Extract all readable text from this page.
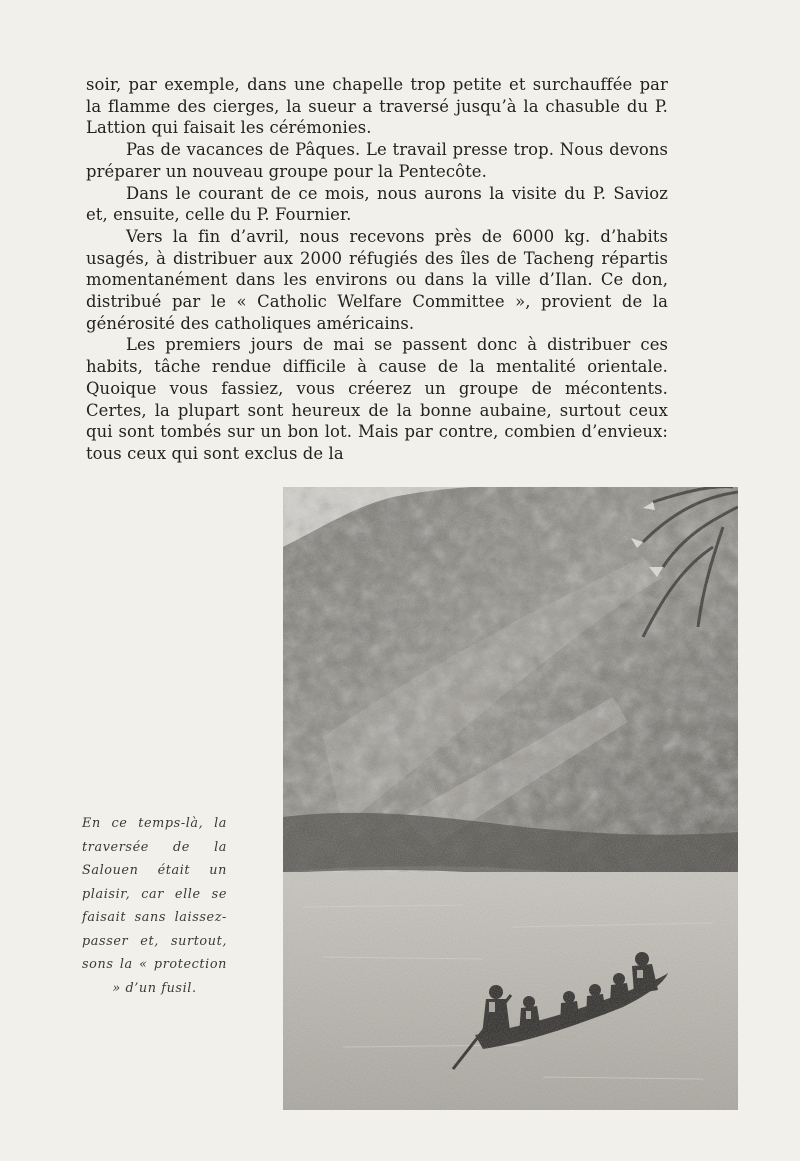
soir, par exemple, dans une chapelle trop petite et surchauffée par la flamme des cierges, la sueur a traversé jusqu’à la chasuble du P. Lattion qui faisait les cérémonies.

Pas de vacances de Pâques. Le travail presse trop. Nous devons préparer un nouveau groupe pour la Pentecôte.

Dans le courant de ce mois, nous aurons la visite du P. Savioz et, ensuite, celle du P. Fournier.

Vers la fin d’avril, nous recevons près de 6000 kg. d’habits usagés, à distribuer aux 2000 réfugiés des îles de Tacheng répartis momentanément dans les environs ou dans la ville d’Ilan. Ce don, distribué par le « Catholic Welfare Committee », provient de la générosité des catholiques américains.

Les premiers jours de mai se passent donc à distribuer ces habits, tâche rendue difficile à cause de la mentalité orientale. Quoique vous fassiez, vous créerez un groupe de mécontents. Certes, la plupart sont heureux de la bonne aubaine, surtout ceux qui sont tombés sur un bon lot. Mais par contre, combien d’envieux: tous ceux qui sont exclus de la

En ce temps-là, la traversée de la Salouen était un plaisir, car elle se faisait sans laissez-passer et, surtout, sons la « protection » d’un fusil.
